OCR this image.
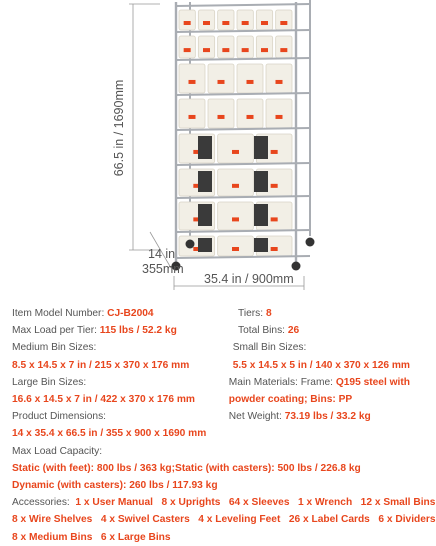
66.5 in / 1690mm
14 in
355mm
35.4 in / 900mm
Item Model Number: CJ-B2004	Tiers: 8
Max Load per Tier: 115 lbs / 52.2 kg	Total Bins: 26
Medium Bin Sizes:
8.5 x 14.5 x 7 in / 215 x 370 x 176 mm
Small Bin Sizes:
5.5 x 14.5 x 5 in / 140 x 370 x 126 mm
Large Bin Sizes:
16.6 x 14.5 x 7 in / 422 x 370 x 176 mm
Product Dimensions:
14 x 35.4 x 66.5 in / 355 x 900 x 1690 mm
Main Materials: Frame: Q195 steel with
powder coating; Bins: PP
Net Weight: 73.19 lbs / 33.2 kg
Max Load Capacity:
Static (with feet): 800 lbs / 363 kg;Static (with casters): 500 lbs / 226.8 kg
Dynamic (with casters): 260 lbs / 117.93 kg
Accessories: 1 x User Manual 8 x Uprights 64 x Sleeves 1 x Wrench 12 x Small Bins
8 x Wire Shelves 4 x Swivel Casters 4 x Leveling Feet 26 x Label Cards 6 x Dividers
8 x Medium Bins 6 x Large Bins
